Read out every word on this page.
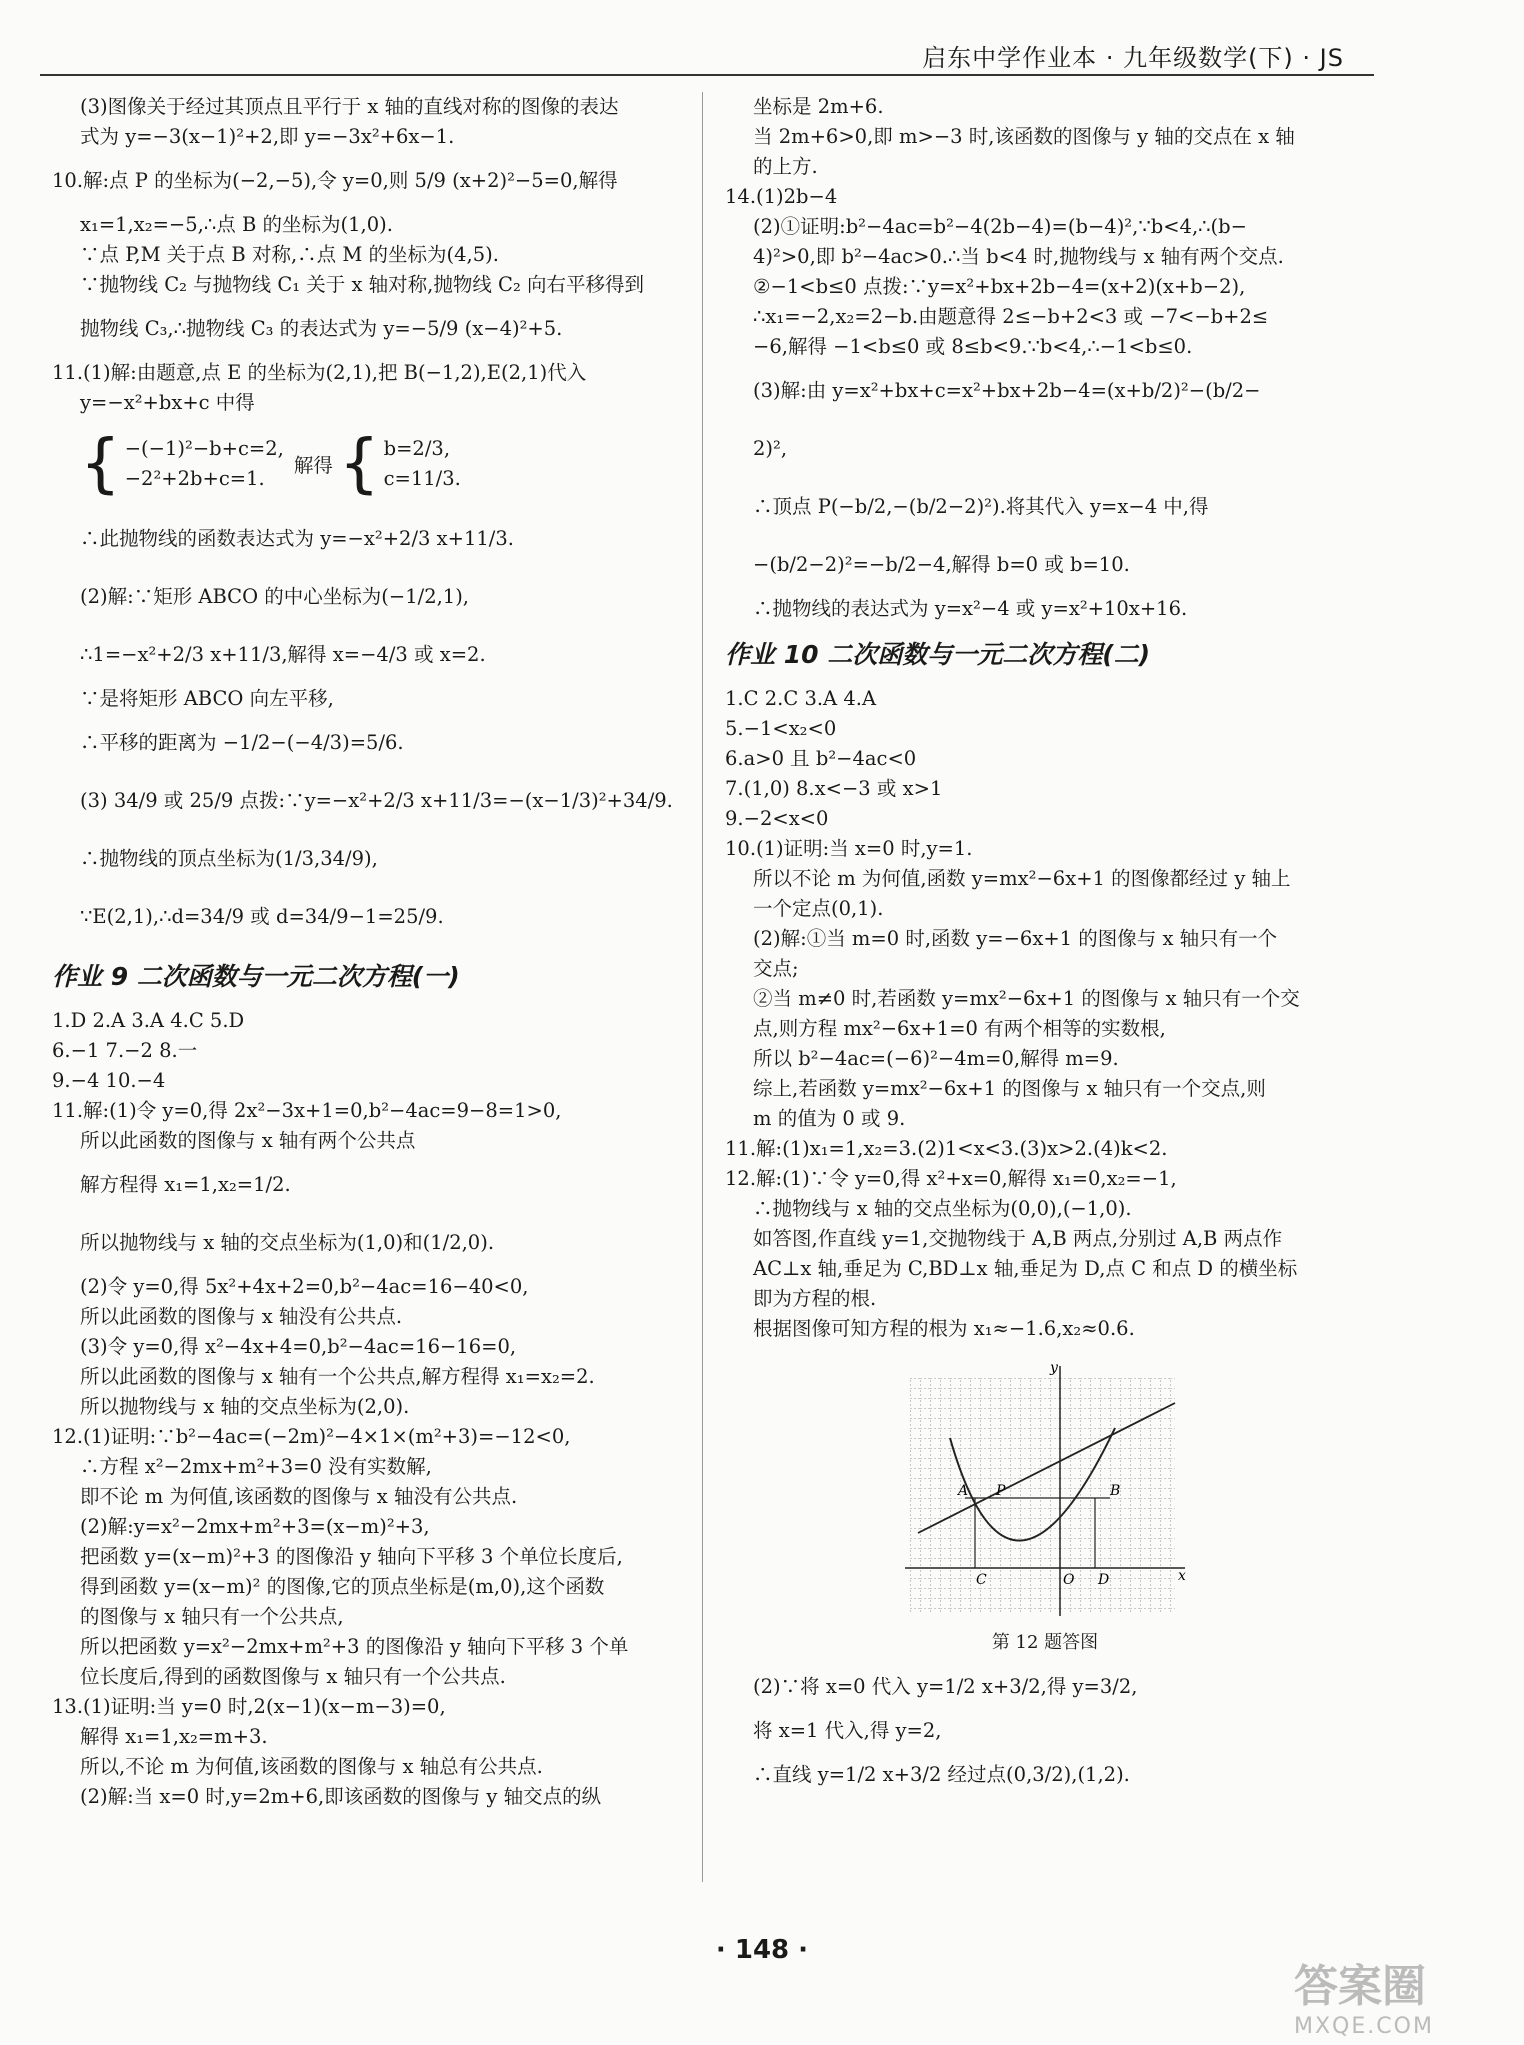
启东中学作业本 · 九年级数学(下) · JS
(3)图像关于经过其顶点且平行于 x 轴的直线对称的图像的表达
式为 y=−3(x−1)²+2,即 y=−3x²+6x−1.
10.解:点 P 的坐标为(−2,−5),令 y=0,则 5/9 (x+2)²−5=0,解得
x₁=1,x₂=−5,∴点 B 的坐标为(1,0).
∵点 P,M 关于点 B 对称,∴点 M 的坐标为(4,5).
∵抛物线 C₂ 与抛物线 C₁ 关于 x 轴对称,抛物线 C₂ 向右平移得到
抛物线 C₃,∴抛物线 C₃ 的表达式为 y=−5/9 (x−4)²+5.
11.(1)解:由题意,点 E 的坐标为(2,1),把 B(−1,2),E(2,1)代入
y=−x²+bx+c 中得
{ −(−1)²−b+c=2,
−2²+2b+c=1.
解得 { b=2/3,
c=11/3.
∴此抛物线的函数表达式为 y=−x²+2/3 x+11/3.
(2)解:∵矩形 ABCO 的中心坐标为(−1/2,1),
∴1=−x²+2/3 x+11/3,解得 x=−4/3 或 x=2.
∵是将矩形 ABCO 向左平移,
∴平移的距离为 −1/2−(−4/3)=5/6.
(3) 34/9 或 25/9 点拨:∵y=−x²+2/3 x+11/3=−(x−1/3)²+34/9.
∴抛物线的顶点坐标为(1/3,34/9),
∵E(2,1),∴d=34/9 或 d=34/9−1=25/9.
作业 9 二次函数与一元二次方程(一)
1.D 2.A 3.A 4.C 5.D
6.−1 7.−2 8.一
9.−4 10.−4
11.解:(1)令 y=0,得 2x²−3x+1=0,b²−4ac=9−8=1>0,
所以此函数的图像与 x 轴有两个公共点
解方程得 x₁=1,x₂=1/2.
所以抛物线与 x 轴的交点坐标为(1,0)和(1/2,0).
(2)令 y=0,得 5x²+4x+2=0,b²−4ac=16−40<0,
所以此函数的图像与 x 轴没有公共点.
(3)令 y=0,得 x²−4x+4=0,b²−4ac=16−16=0,
所以此函数的图像与 x 轴有一个公共点,解方程得 x₁=x₂=2.
所以抛物线与 x 轴的交点坐标为(2,0).
12.(1)证明:∵b²−4ac=(−2m)²−4×1×(m²+3)=−12<0,
∴方程 x²−2mx+m²+3=0 没有实数解,
即不论 m 为何值,该函数的图像与 x 轴没有公共点.
(2)解:y=x²−2mx+m²+3=(x−m)²+3,
把函数 y=(x−m)²+3 的图像沿 y 轴向下平移 3 个单位长度后,
得到函数 y=(x−m)² 的图像,它的顶点坐标是(m,0),这个函数
的图像与 x 轴只有一个公共点,
所以把函数 y=x²−2mx+m²+3 的图像沿 y 轴向下平移 3 个单
位长度后,得到的函数图像与 x 轴只有一个公共点.
13.(1)证明:当 y=0 时,2(x−1)(x−m−3)=0,
解得 x₁=1,x₂=m+3.
所以,不论 m 为何值,该函数的图像与 x 轴总有公共点.
(2)解:当 x=0 时,y=2m+6,即该函数的图像与 y 轴交点的纵
坐标是 2m+6.
当 2m+6>0,即 m>−3 时,该函数的图像与 y 轴的交点在 x 轴
的上方.
14.(1)2b−4
(2)①证明:b²−4ac=b²−4(2b−4)=(b−4)²,∵b<4,∴(b−
4)²>0,即 b²−4ac>0.∴当 b<4 时,抛物线与 x 轴有两个交点.
②−1<b≤0 点拨:∵y=x²+bx+2b−4=(x+2)(x+b−2),
∴x₁=−2,x₂=2−b.由题意得 2≤−b+2<3 或 −7<−b+2≤
−6,解得 −1<b≤0 或 8≤b<9.∵b<4,∴−1<b≤0.
(3)解:由 y=x²+bx+c=x²+bx+2b−4=(x+b/2)²−(b/2−
2)²,
∴顶点 P(−b/2,−(b/2−2)²).将其代入 y=x−4 中,得
−(b/2−2)²=−b/2−4,解得 b=0 或 b=10.
∴抛物线的表达式为 y=x²−4 或 y=x²+10x+16.
作业 10 二次函数与一元二次方程(二)
1.C 2.C 3.A 4.A
5.−1<x₂<0
6.a>0 且 b²−4ac<0
7.(1,0) 8.x<−3 或 x>1
9.−2<x<0
10.(1)证明:当 x=0 时,y=1.
所以不论 m 为何值,函数 y=mx²−6x+1 的图像都经过 y 轴上
一个定点(0,1).
(2)解:①当 m=0 时,函数 y=−6x+1 的图像与 x 轴只有一个
交点;
②当 m≠0 时,若函数 y=mx²−6x+1 的图像与 x 轴只有一个交
点,则方程 mx²−6x+1=0 有两个相等的实数根,
所以 b²−4ac=(−6)²−4m=0,解得 m=9.
综上,若函数 y=mx²−6x+1 的图像与 x 轴只有一个交点,则
m 的值为 0 或 9.
11.解:(1)x₁=1,x₂=3.(2)1<x<3.(3)x>2.(4)k<2.
12.解:(1)∵令 y=0,得 x²+x=0,解得 x₁=0,x₂=−1,
∴抛物线与 x 轴的交点坐标为(0,0),(−1,0).
如答图,作直线 y=1,交抛物线于 A,B 两点,分别过 A,B 两点作
AC⊥x 轴,垂足为 C,BD⊥x 轴,垂足为 D,点 C 和点 D 的横坐标
即为方程的根.
根据图像可知方程的根为 x₁≈−1.6,x₂≈0.6.
y
x
A P	B
C	O D
第 12 题答图
(2)∵将 x=0 代入 y=1/2 x+3/2,得 y=3/2,
将 x=1 代入,得 y=2,
∴直线 y=1/2 x+3/2 经过点(0,3/2),(1,2).
· 148 ·
答案圈
MXQE.COM
